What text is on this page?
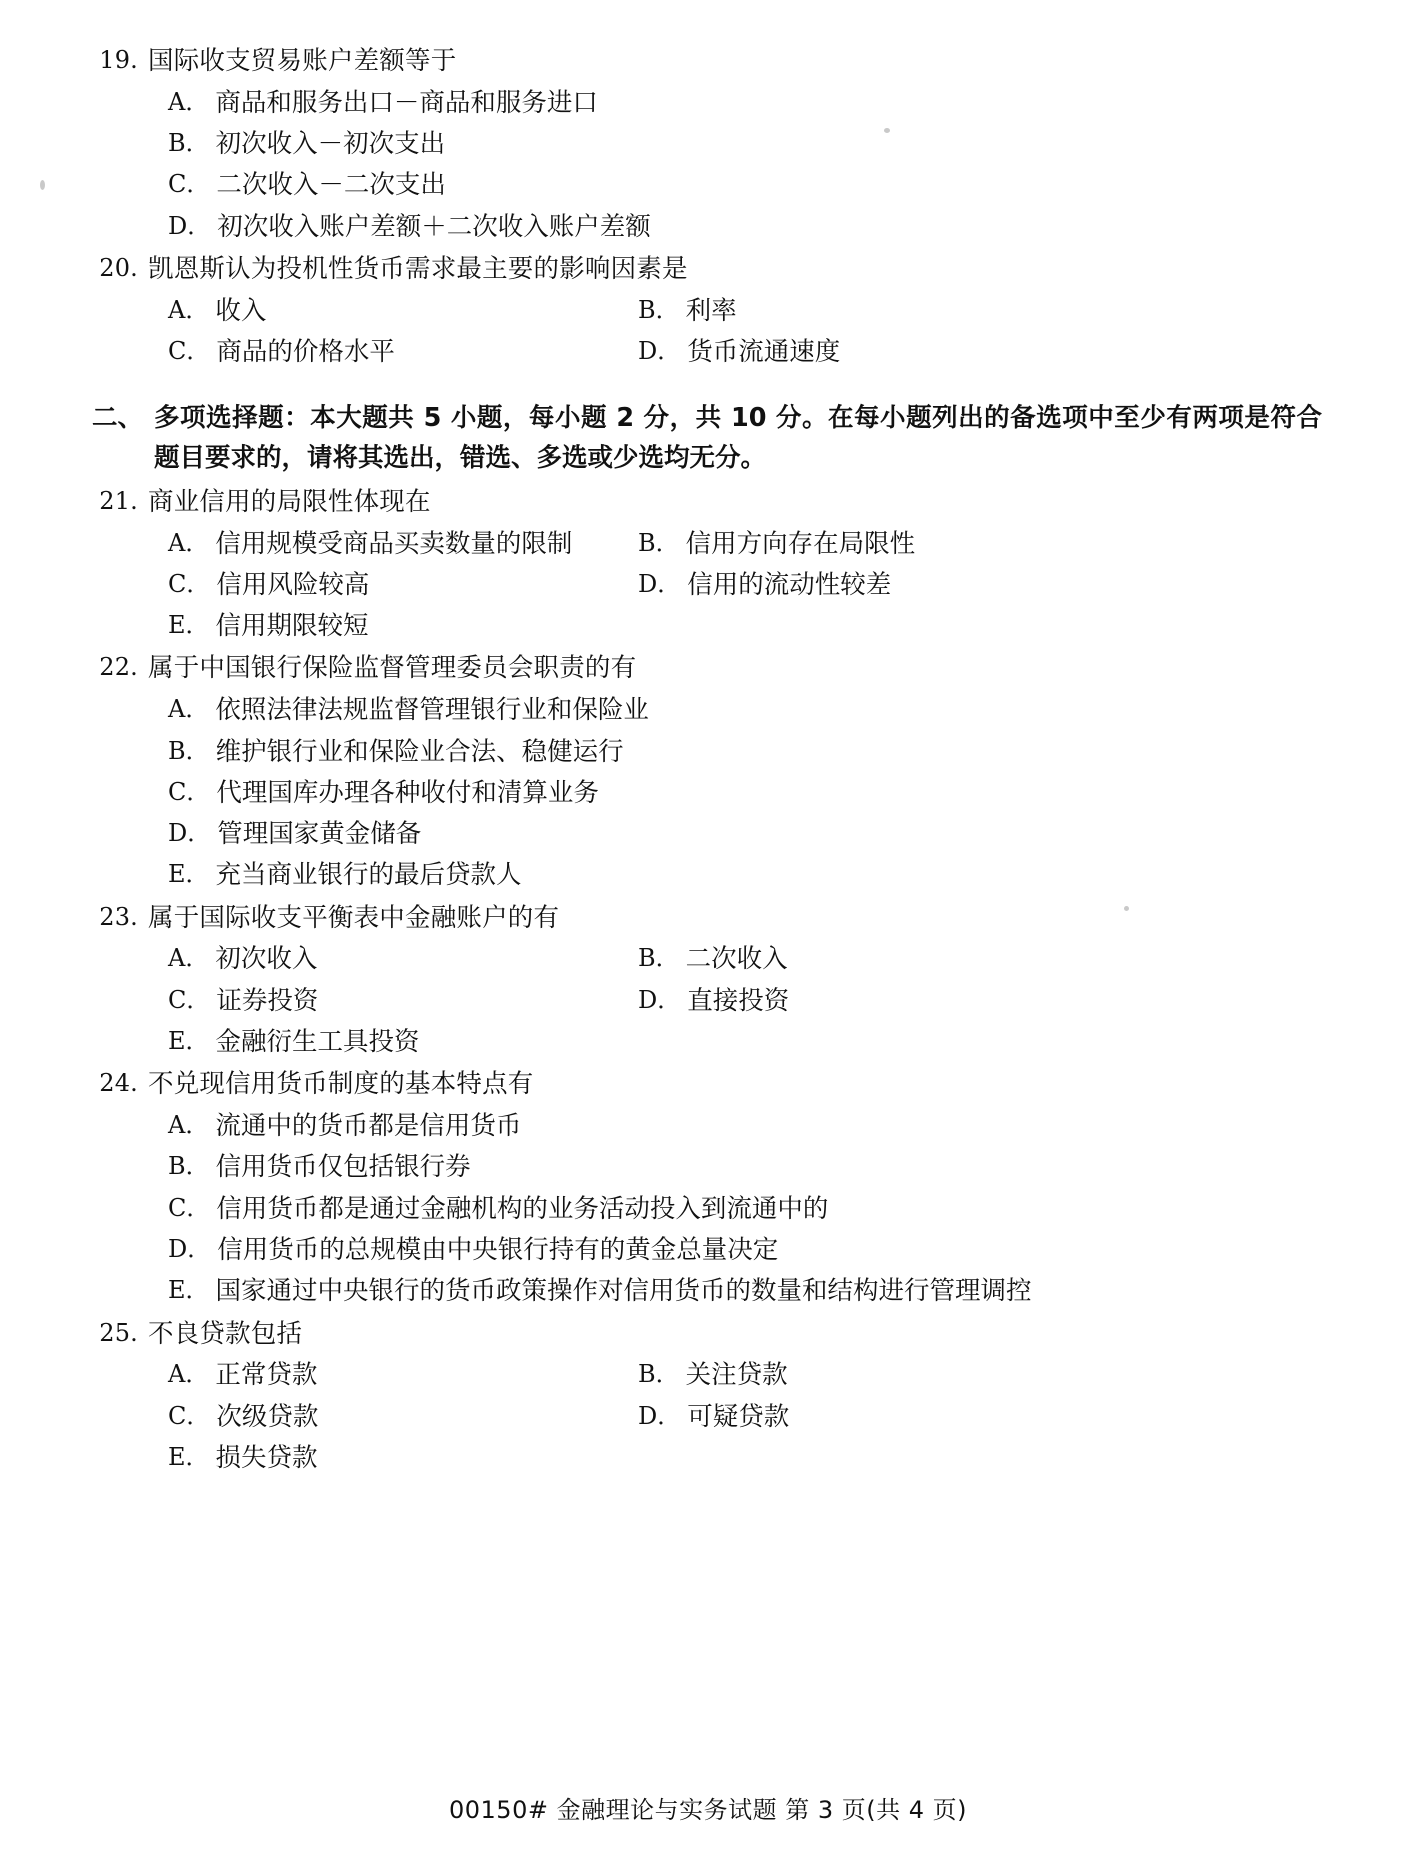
19. 国际收支贸易账户差额等于
A． 商品和服务出口－商品和服务进口
B． 初次收入－初次支出
C． 二次收入－二次支出
D． 初次收入账户差额＋二次收入账户差额
20. 凯恩斯认为投机性货币需求最主要的影响因素是
A． 收入	B． 利率
C． 商品的价格水平	D． 货币流通速度
二、 多项选择题：本大题共 5 小题，每小题 2 分，共 10 分。在每小题列出的备选项中至少有两项是符合题目要求的，请将其选出，错选、多选或少选均无分。
21. 商业信用的局限性体现在
A． 信用规模受商品买卖数量的限制	B． 信用方向存在局限性
C． 信用风险较高	D． 信用的流动性较差
E． 信用期限较短
22. 属于中国银行保险监督管理委员会职责的有
A． 依照法律法规监督管理银行业和保险业
B． 维护银行业和保险业合法、稳健运行
C． 代理国库办理各种收付和清算业务
D． 管理国家黄金储备
E． 充当商业银行的最后贷款人
23. 属于国际收支平衡表中金融账户的有
A． 初次收入	B． 二次收入
C． 证券投资	D． 直接投资
E． 金融衍生工具投资
24. 不兑现信用货币制度的基本特点有
A． 流通中的货币都是信用货币
B． 信用货币仅包括银行券
C． 信用货币都是通过金融机构的业务活动投入到流通中的
D． 信用货币的总规模由中央银行持有的黄金总量决定
E． 国家通过中央银行的货币政策操作对信用货币的数量和结构进行管理调控
25. 不良贷款包括
A． 正常贷款	B． 关注贷款
C． 次级贷款	D． 可疑贷款
E． 损失贷款
00150# 金融理论与实务试题 第 3 页(共 4 页)
